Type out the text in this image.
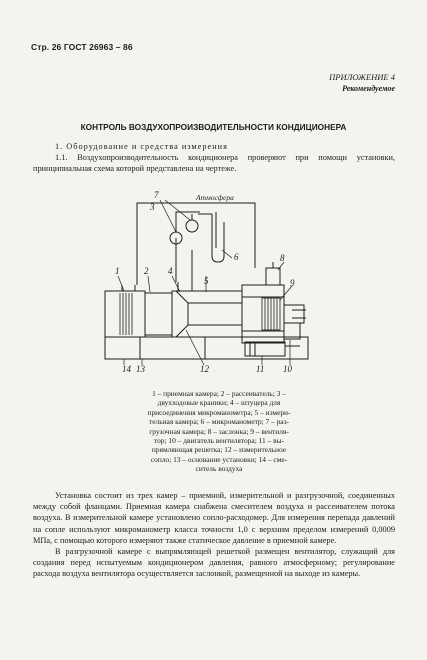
Стр. 26 ГОСТ 26963 – 86
ПРИЛОЖЕНИЕ 4
Рекомендуемое
КОНТРОЛЬ ВОЗДУХОПРОИЗВОДИТЕЛЬНОСТИ КОНДИЦИОНЕРА

1. Оборудование и средства измерения

1.1. Воздухопроизводительность кондиционера проверяют при помощи установки, принципиальная схема которой представлена на чертеже.

Атмосфера
7
1	2 4
5
6	8
9
14 13	12	11 10
3
1 – приемная камера; 2 – рассеиватель; 3 –
двухходовые краники; 4 – штуцера для
присоединения микроманометра; 5 – измери-
тельная камера; 6 – микроманометр; 7 – раз-
грузочная камера; 8 – заслонка; 9 – вентиля-
тор; 10 – двигатель вентилятора; 11 – вы-
прямляющая решетка; 12 – измерительное
сопло; 13 – основание установки; 14 – сме-
ситель воздуха

Установка состоит из трех камер – приемной, измерительной и разгрузочной, соединенных между собой фланцами. Приемная камера снабжена смесителем воздуха и рассеивателем потока воздуха. В измерительной камере установлено сопло-расходомер. Для измерения перепада давлений на сопле используют микроманометр класса точности 1,0 с верхним пределом измерений 0,0009 МПа, с помощью которого измеряют также статическое давление в приемной камере.

В разгрузочной камере с выпрямляющей решеткой размещен вентилятор, служащий для создания перед испытуемым кондиционером давления, равного атмосферному; регулирование расхода воздуха вентилятора осуществляется заслонкой, размещенной на выходе из камеры.
